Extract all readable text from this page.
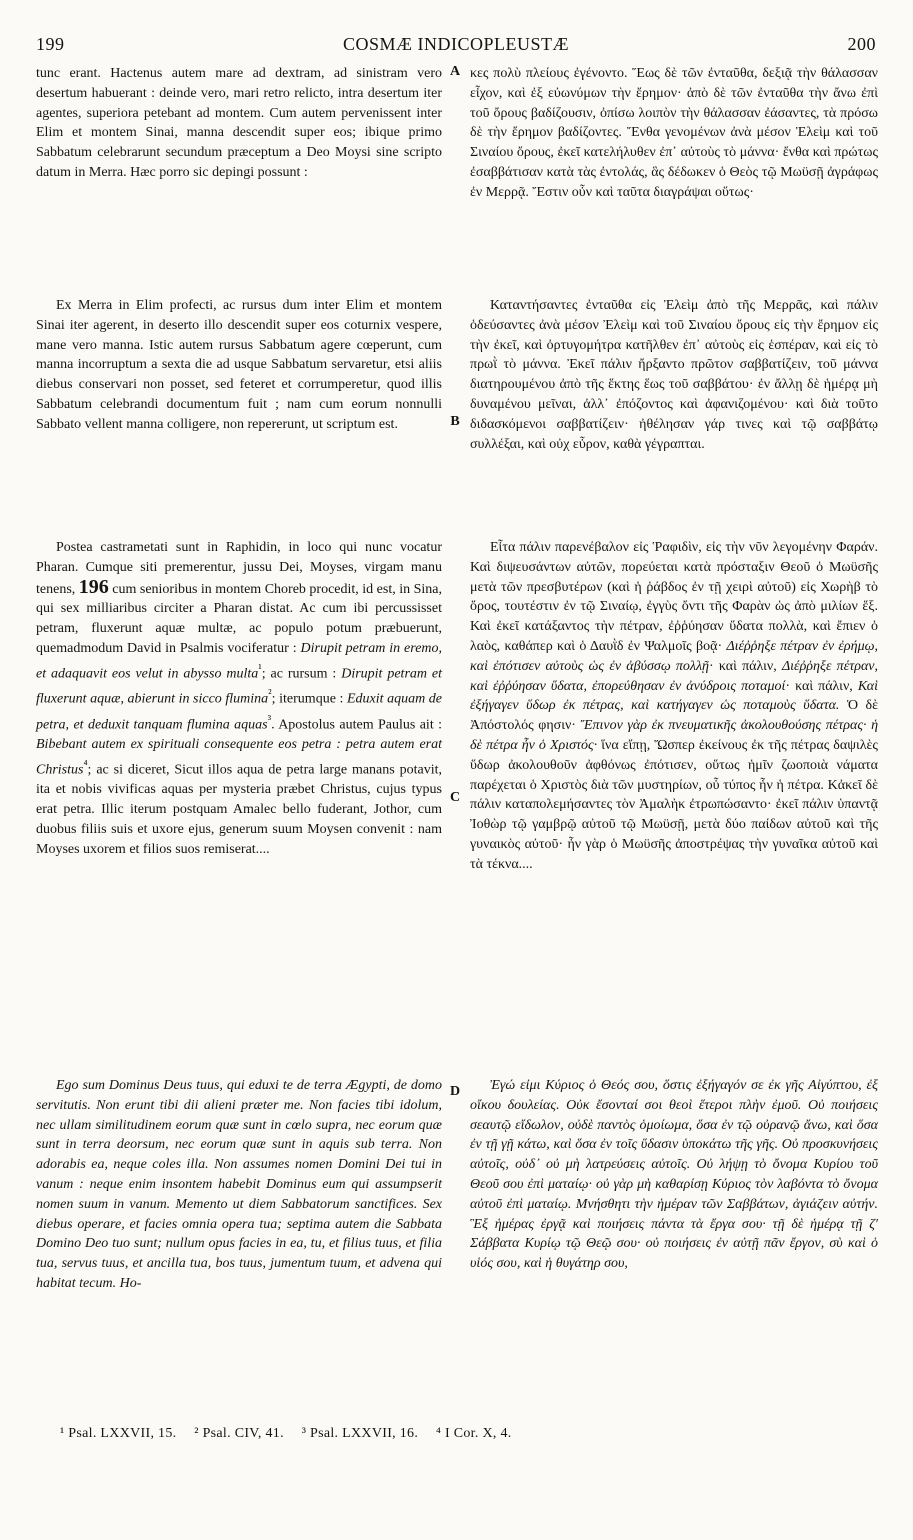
199	COSMÆ INDICOPLEUSTÆ	200

tunc erant. Hactenus autem mare ad dextram, ad sinistram vero desertum habuerant : deinde vero, mari retro relicto, intra desertum iter agentes, superiora petebant ad montem. Cum autem pervenissent inter Elim et montem Sinai, manna descendit super eos; ibique primo Sabbatum celebrarunt secundum præceptum a Deo Moysi sine scripto datum in Merra. Hæc porro sic depingi possunt :

Ex Merra in Elim profecti, ac rursus dum inter Elim et montem Sinai iter agerent, in deserto illo descendit super eos coturnix vespere, mane vero manna. Istic autem rursus Sabbatum agere cœperunt, cum manna incorruptum a sexta die ad usque Sabbatum servaretur, etsi aliis diebus conservari non posset, sed feteret et corrumperetur, quod illis Sabbatum celebrandi documentum fuit ; nam cum eorum nonnulli Sabbato vellent manna colligere, non repererunt, ut scriptum est.

Postea castrametati sunt in Raphidin, in loco qui nunc vocatur Pharan. Cumque siti premerentur, jussu Dei, Moyses, virgam manu tenens, 196 cum senioribus in montem Choreb procedit, id est, in Sina, qui sex milliaribus circiter a Pharan distat. Ac cum ibi percussisset petram, fluxerunt aquæ multæ, ac populo potum præbuerunt, quemadmodum David in Psalmis vociferatur : Dirupit petram in eremo, et adaquavit eos velut in abysso multa$^{^1}$; ac rursum : Dirupit petram et fluxerunt aquæ, abierunt in sicco flumina$^{^2}$; iterumque : Eduxit aquam de petra, et deduxit tanquam flumina aquas$^{^3}$. Apostolus autem Paulus ait : Bibebant autem ex spirituali consequente eos petra : petra autem erat Christus$^{^4}$; ac si diceret, Sicut illos aqua de petra large manans potavit, ita et nobis vivificas aquas per mysteria præbet Christus, cujus typus erat petra. Illic iterum postquam Amalec bello fuderant, Jothor, cum duobus filiis suis et uxore ejus, generum suum Moysen convenit : nam Moyses uxorem et filios suos remiserat....

Ego sum Dominus Deus tuus, qui eduxi te de terra Ægypti, de domo servitutis. Non erunt tibi dii alieni præter me. Non facies tibi idolum, nec ullam similitudinem eorum quæ sunt in cœlo supra, nec eorum quæ sunt in terra deorsum, nec eorum quæ sunt in aquis sub terra. Non adorabis ea, neque coles illa. Non assumes nomen Domini Dei tui in vanum : neque enim insontem habebit Dominus eum qui assumpserit nomen suum in vanum. Memento ut diem Sabbatorum sanctifices. Sex diebus operare, et facies omnia opera tua; septima autem die Sabbata Domino Deo tuo sunt; nullum opus facies in ea, tu, et filius tuus, et filia tua, servus tuus, et ancilla tua, bos tuus, jumentum tuum, et advena qui habitat tecum. Ho-

κες πολὺ πλείους ἐγένοντο. Ἕως δὲ τῶν ἐνταῦθα, δεξιᾷ τὴν θάλασσαν εἶχον, καὶ ἐξ εὐωνύμων τὴν ἔρημον· ἀπὸ δὲ τῶν ἐνταῦθα τὴν ἄνω ἐπὶ τοῦ ὄρους βαδίζουσιν, ὀπίσω λοιπὸν τὴν θάλασσαν ἐάσαντες, τὰ πρόσω δὲ τὴν ἔρημον βαδίζοντες. Ἔνθα γενομένων ἀνὰ μέσον Ἐλεὶμ καὶ τοῦ Σιναίου ὄρους, ἐκεῖ κατελήλυθεν ἐπ᾽ αὐτοὺς τὸ μάννα· ἔνθα καὶ πρώτως ἐσαββάτισαν κατὰ τὰς ἐντολάς, ἃς δέδωκεν ὁ Θεὸς τῷ Μωϋσῇ ἀγράφως ἐν Μερρᾷ. Ἔστιν οὖν καὶ ταῦτα διαγράψαι οὕτως·

Καταντήσαντες ἐνταῦθα εἰς Ἐλεὶμ ἀπὸ τῆς Μερρᾶς, καὶ πάλιν ὁδεύσαντες ἀνὰ μέσον Ἐλεὶμ καὶ τοῦ Σιναίου ὄρους εἰς τὴν ἔρημον εἰς τὴν ἐκεῖ, καὶ ὀρτυγομήτρα κατῆλθεν ἐπ᾽ αὐτοὺς εἰς ἑσπέραν, καὶ εἰς τὸ πρωῒ τὸ μάννα. Ἐκεῖ πάλιν ἤρξαντο πρῶτον σαββατίζειν, τοῦ μάννα διατηρουμένου ἀπὸ τῆς ἕκτης ἕως τοῦ σαββάτου· ἐν ἄλλῃ δὲ ἡμέρᾳ μὴ δυναμένου μεῖναι, ἀλλ᾽ ἐπόζοντος καὶ ἀφανιζομένου· καὶ διὰ τοῦτο διδασκόμενοι σαββατίζειν· ἠθέλησαν γάρ τινες καὶ τῷ σαββάτῳ συλλέξαι, καὶ οὐχ εὗρον, καθὰ γέγραπται.

Εἶτα πάλιν παρενέβαλον εἰς Ῥαφιδὶν, εἰς τὴν νῦν λεγομένην Φαράν. Καὶ διψευσάντων αὐτῶν, πορεύεται κατὰ πρόσταξιν Θεοῦ ὁ Μωϋσῆς μετὰ τῶν πρεσβυτέρων (καὶ ἡ ῥάβδος ἐν τῇ χειρὶ αὐτοῦ) εἰς Χωρὴβ τὸ ὄρος, τουτέστιν ἐν τῷ Σιναίῳ, ἐγγὺς ὄντι τῆς Φαρὰν ὡς ἀπὸ μιλίων ἕξ. Καὶ ἐκεῖ κατάξαντος τὴν πέτραν, ἐῤῥύησαν ὕδατα πολλὰ, καὶ ἔπιεν ὁ λαὸς, καθάπερ καὶ ὁ Δαυῒδ ἐν Ψαλμοῖς βοᾷ· Διέῤῥηξε πέτραν ἐν ἐρήμῳ, καὶ ἐπότισεν αὐτοὺς ὡς ἐν ἀβύσσῳ πολλῇ· καὶ πάλιν, Διέῤῥηξε πέτραν, καὶ ἐῤῥύησαν ὕδατα, ἐπορεύθησαν ἐν ἀνύδροις ποταμοί· καὶ πάλιν, Καὶ ἐξήγαγεν ὕδωρ ἐκ πέτρας, καὶ κατήγαγεν ὡς ποταμοὺς ὕδατα. Ὁ δὲ Ἀπόστολός φησιν· Ἔπινον γὰρ ἐκ πνευματικῆς ἀκολουθούσης πέτρας· ἡ δὲ πέτρα ἦν ὁ Χριστός· ἵνα εἴπῃ, Ὥσπερ ἐκείνους ἐκ τῆς πέτρας δαψιλὲς ὕδωρ ἀκολουθοῦν ἀφθόνως ἐπότισεν, οὕτως ἡμῖν ζωοποιὰ νάματα παρέχεται ὁ Χριστὸς διὰ τῶν μυστηρίων, οὗ τύπος ἦν ἡ πέτρα. Κἀκεῖ δὲ πάλιν καταπολεμήσαντες τὸν Ἀμαλὴκ ἐτρωπώσαντο· ἐκεῖ πάλιν ὑπαντᾷ Ἰοθὼρ τῷ γαμβρῷ αὐτοῦ τῷ Μωϋσῇ, μετὰ δύο παίδων αὐτοῦ καὶ τῆς γυναικὸς αὐτοῦ· ἦν γὰρ ὁ Μωϋσῆς ἀποστρέψας τὴν γυναῖκα αὐτοῦ καὶ τὰ τέκνα....

Ἐγώ εἰμι Κύριος ὁ Θεός σου, ὅστις ἐξήγαγόν σε ἐκ γῆς Αἰγύπτου, ἐξ οἴκου δουλείας. Οὐκ ἔσονταί σοι θεοὶ ἕτεροι πλὴν ἐμοῦ. Οὐ ποιήσεις σεαυτῷ εἴδωλον, οὐδὲ παντὸς ὁμοίωμα, ὅσα ἐν τῷ οὐρανῷ ἄνω, καὶ ὅσα ἐν τῇ γῇ κάτω, καὶ ὅσα ἐν τοῖς ὕδασιν ὑποκάτω τῆς γῆς. Οὐ προσκυνήσεις αὐτοῖς, οὐδ᾽ οὐ μὴ λατρεύσεις αὐτοῖς. Οὐ λήψῃ τὸ ὄνομα Κυρίου τοῦ Θεοῦ σου ἐπὶ ματαίῳ· οὐ γὰρ μὴ καθαρίσῃ Κύριος τὸν λαβόντα τὸ ὄνομα αὐτοῦ ἐπὶ ματαίῳ. Μνήσθητι τὴν ἡμέραν τῶν Σαββάτων, ἁγιάζειν αὐτήν. Ἓξ ἡμέρας ἐργᾷ καὶ ποιήσεις πάντα τὰ ἔργα σου· τῇ δὲ ἡμέρᾳ τῇ ζ′ Σάββατα Κυρίῳ τῷ Θεῷ σου· οὐ ποιήσεις ἐν αὐτῇ πᾶν ἔργον, σὺ καὶ ὁ υἱός σου, καὶ ἡ θυγάτηρ σου,

A
B
C
D
¹ Psal. LXXVII, 15. ² Psal. CIV, 41. ³ Psal. LXXVII, 16. ⁴ I Cor. X, 4.
